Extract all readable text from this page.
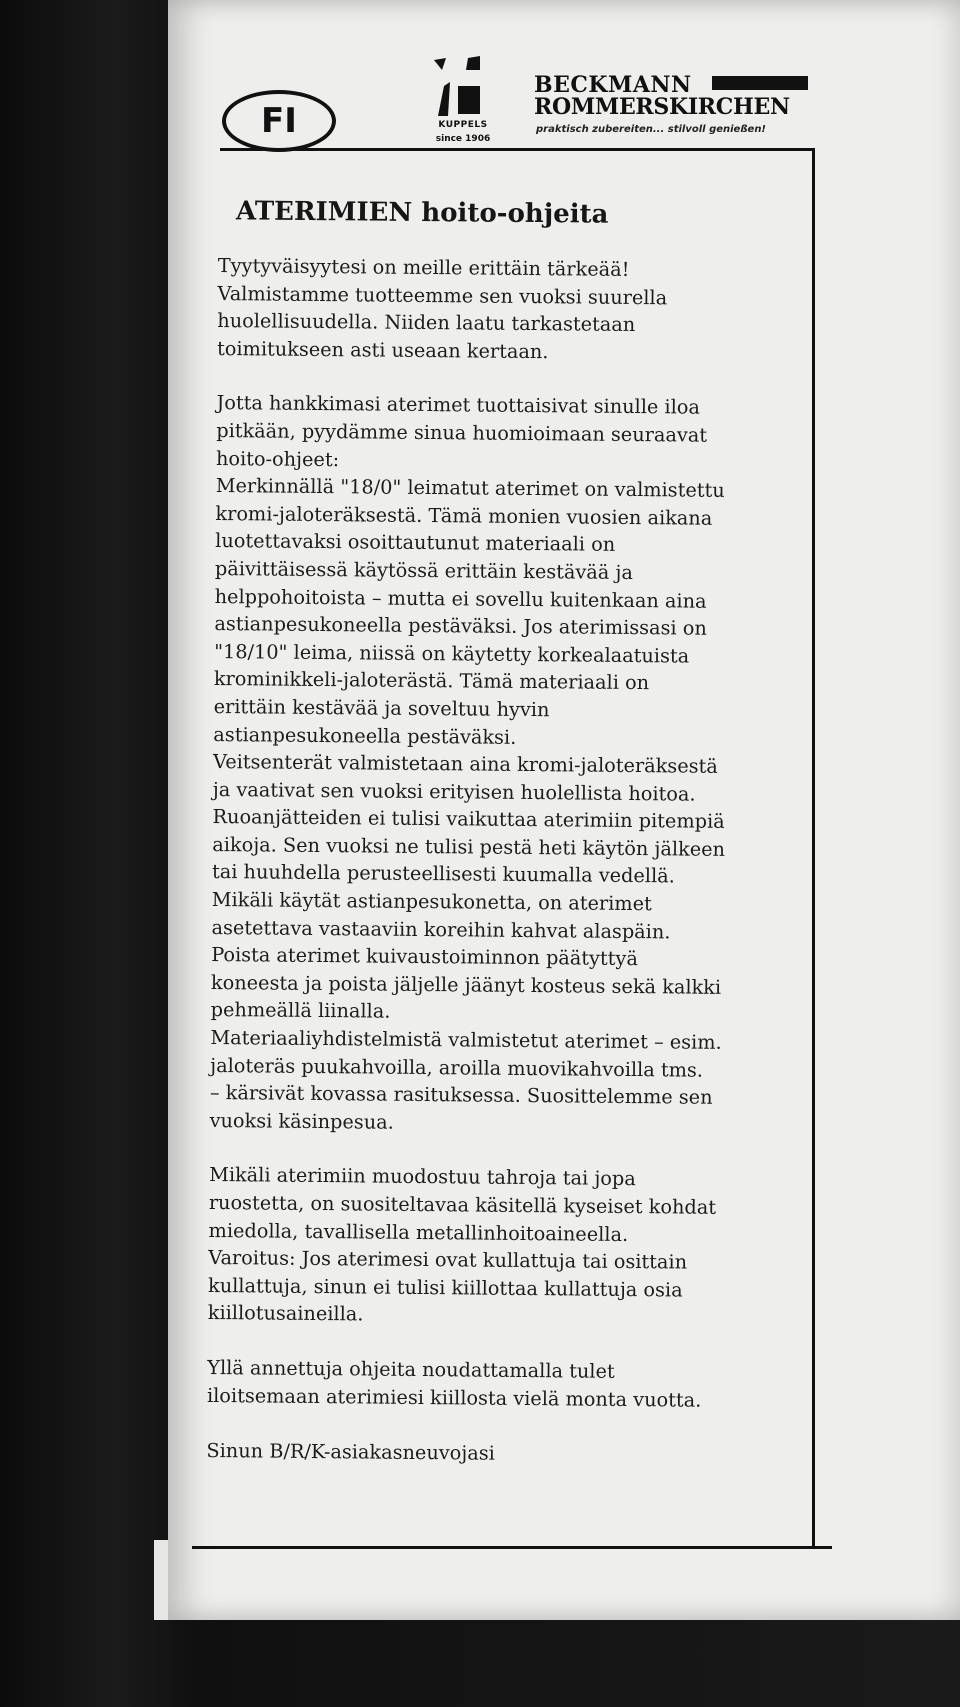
FI	KUPPELS
since 1906
BECKMANN
ROMMERSKIRCHEN
praktisch zubereiten... stilvoll genießen!
ATERIMIEN hoito-ohjeita
Tyytyväisyytesi on meille erittäin tärkeää!
Valmistamme tuotteemme sen vuoksi suurella
huolellisuudella. Niiden laatu tarkastetaan
toimitukseen asti useaan kertaan.
Jotta hankkimasi aterimet tuottaisivat sinulle iloa
pitkään, pyydämme sinua huomioimaan seuraavat
hoito-ohjeet:
Merkinnällä "18/0" leimatut aterimet on valmistettu
kromi-jaloteräksestä. Tämä monien vuosien aikana
luotettavaksi osoittautunut materiaali on
päivittäisessä käytössä erittäin kestävää ja
helppohoitoista – mutta ei sovellu kuitenkaan aina
astianpesukoneella pestäväksi. Jos aterimissasi on
"18/10" leima, niissä on käytetty korkealaatuista
krominikkeli-jaloterästä. Tämä materiaali on
erittäin kestävää ja soveltuu hyvin
astianpesukoneella pestäväksi.
Veitsenterät valmistetaan aina kromi-jaloteräksestä
ja vaativat sen vuoksi erityisen huolellista hoitoa.
Ruoanjätteiden ei tulisi vaikuttaa aterimiin pitempiä
aikoja. Sen vuoksi ne tulisi pestä heti käytön jälkeen
tai huuhdella perusteellisesti kuumalla vedellä.
Mikäli käytät astianpesukonetta, on aterimet
asetettava vastaaviin koreihin kahvat alaspäin.
Poista aterimet kuivaustoiminnon päätyttyä
koneesta ja poista jäljelle jäänyt kosteus sekä kalkki
pehmeällä liinalla.
Materiaaliyhdistelmistä valmistetut aterimet – esim.
jaloteräs puukahvoilla, aroilla muovikahvoilla tms.
– kärsivät kovassa rasituksessa. Suosittelemme sen
vuoksi käsinpesua.
Mikäli aterimiin muodostuu tahroja tai jopa
ruostetta, on suositeltavaa käsitellä kyseiset kohdat
miedolla, tavallisella metallinhoitoaineella.
Varoitus: Jos aterimesi ovat kullattuja tai osittain
kullattuja, sinun ei tulisi kiillottaa kullattuja osia
kiillotusaineilla.
Yllä annettuja ohjeita noudattamalla tulet
iloitsemaan aterimiesi kiillosta vielä monta vuotta.
Sinun B/R/K-asiakasneuvojasi
